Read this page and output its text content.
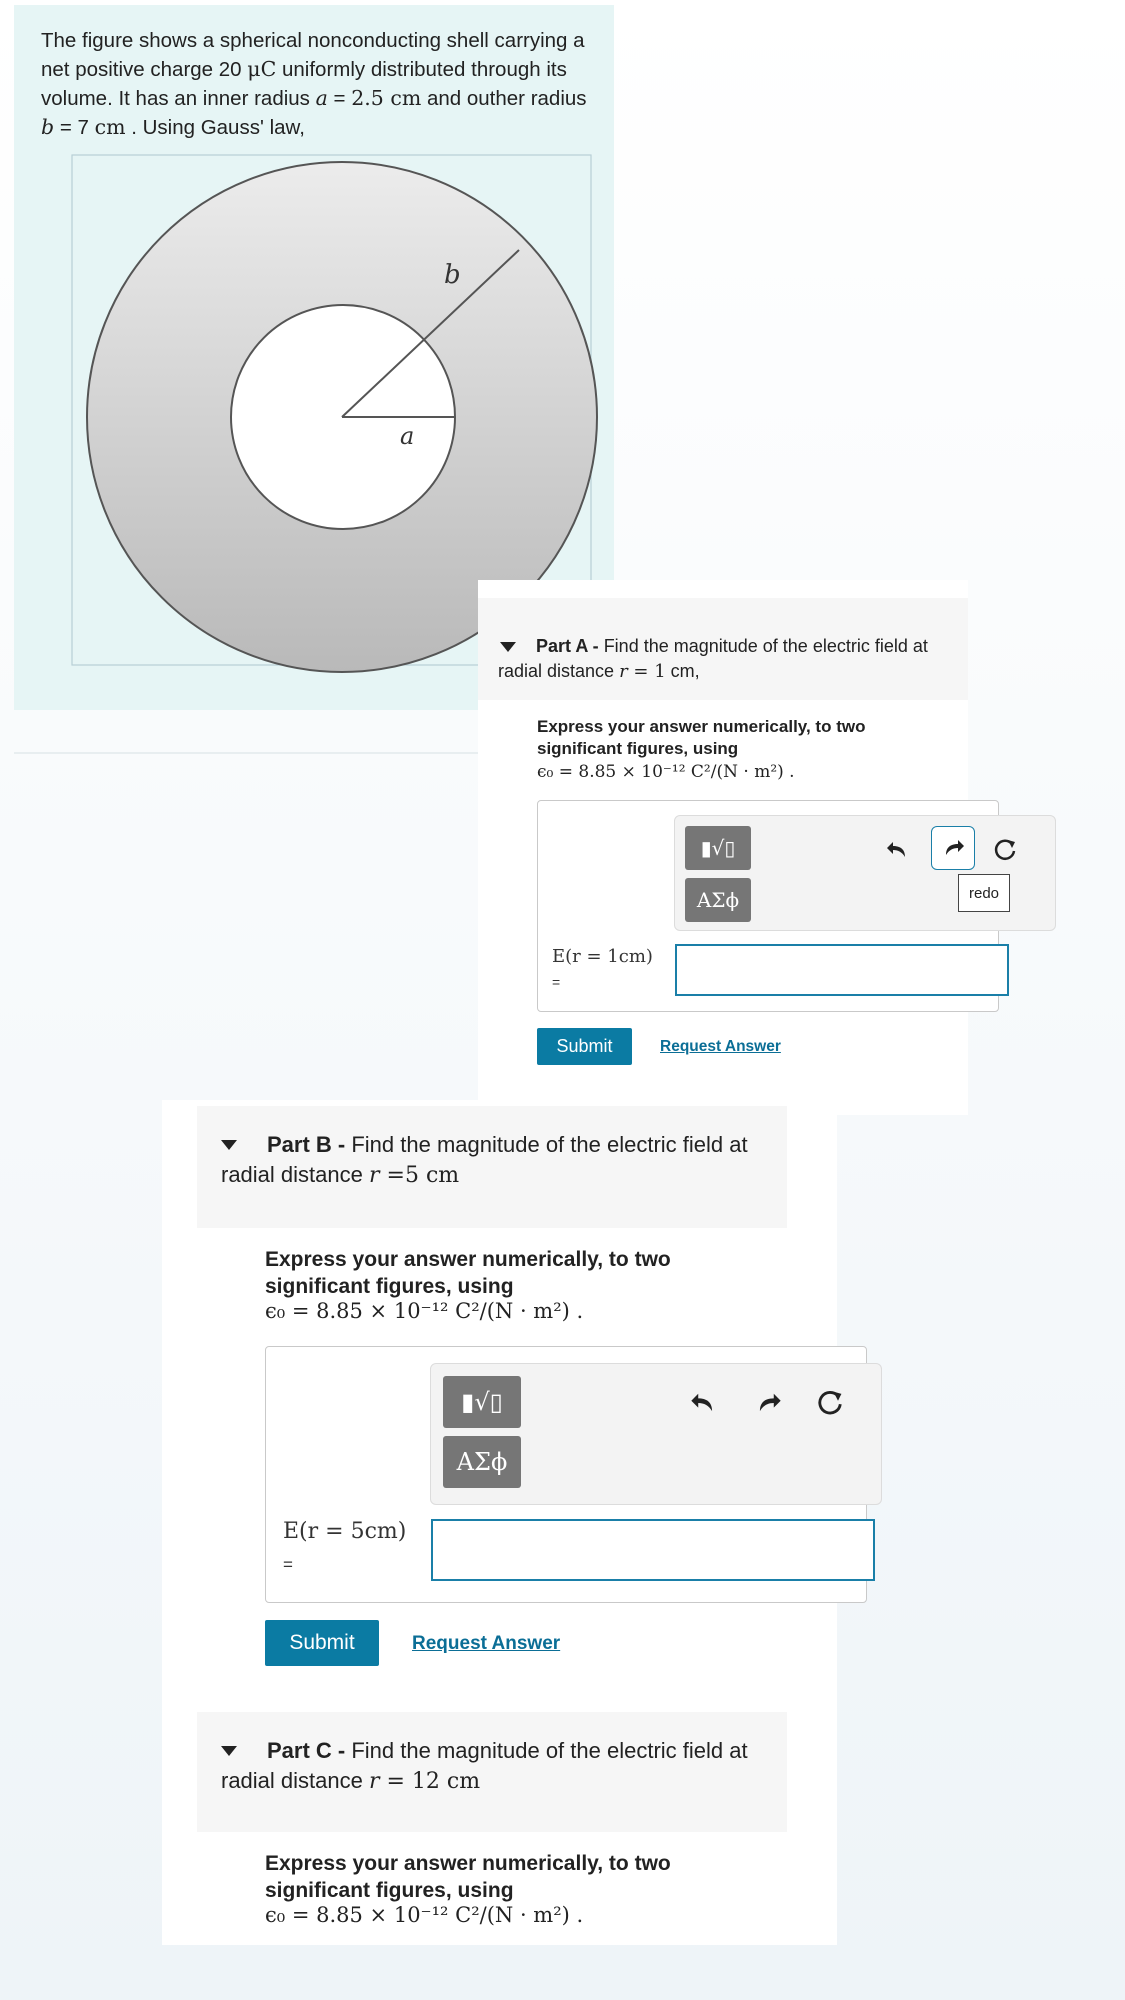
The figure shows a spherical nonconducting shell carrying a net positive charge 20 μC uniformly distributed through its volume. It has an inner radius a = 2.5 cm and outher radius b = 7 cm . Using Gauss' law,
b
a
Part A - Find the magnitude of the electric field at radial distance r = 1 cm,
Express your answer numerically, to two significant figures, using
ϵ₀ = 8.85 × 10⁻¹² C²/(N · m²) .
▮√▯
ΑΣϕ	redo
E(r = 1cm)
=
Submit	Request Answer
Part B - Find the magnitude of the electric field at radial distance r =5 cm
Express your answer numerically, to two significant figures, using
ϵ₀ = 8.85 × 10⁻¹² C²/(N · m²) .
▮√▯
ΑΣϕ
E(r = 5cm)
=
Submit	Request Answer
Part C - Find the magnitude of the electric field at radial distance r = 12 cm
Express your answer numerically, to two significant figures, using
ϵ₀ = 8.85 × 10⁻¹² C²/(N · m²) .
